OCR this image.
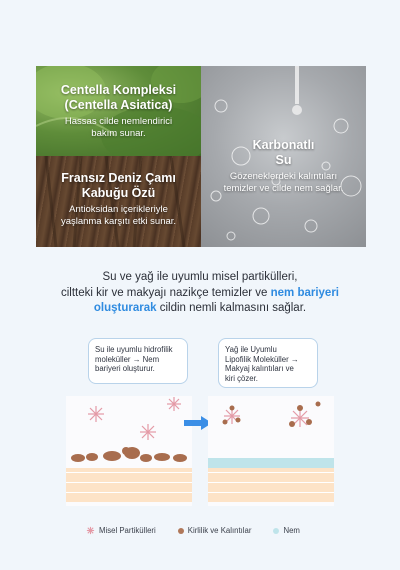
Centella Kompleksi
(Centella Asiatica)

Hassas cilde nemlendirici
bakım sunar.

Fransız Deniz Çamı
Kabuğu Özü

Antioksidan içerikleriyle
yaşlanma karşıtı etki sunar.

Karbonatlı
Su

Gözeneklerdeki kalıntıları
temizler ve cilde nem sağlar.

Su ve yağ ile uyumlu misel partikülleri,
ciltteki kir ve makyajı nazikçe temizler ve nem bariyeri
oluşturarak cildin nemli kalmasını sağlar.
Su ile uyumlu hidrofilik
moleküller → Nem
bariyeri oluşturur.
Yağ ile Uyumlu
Lipofilik Moleküller →
Makyaj kalıntıları ve
kiri çözer.
Misel Partikülleri	Kirlilik ve Kalıntılar	Nem
